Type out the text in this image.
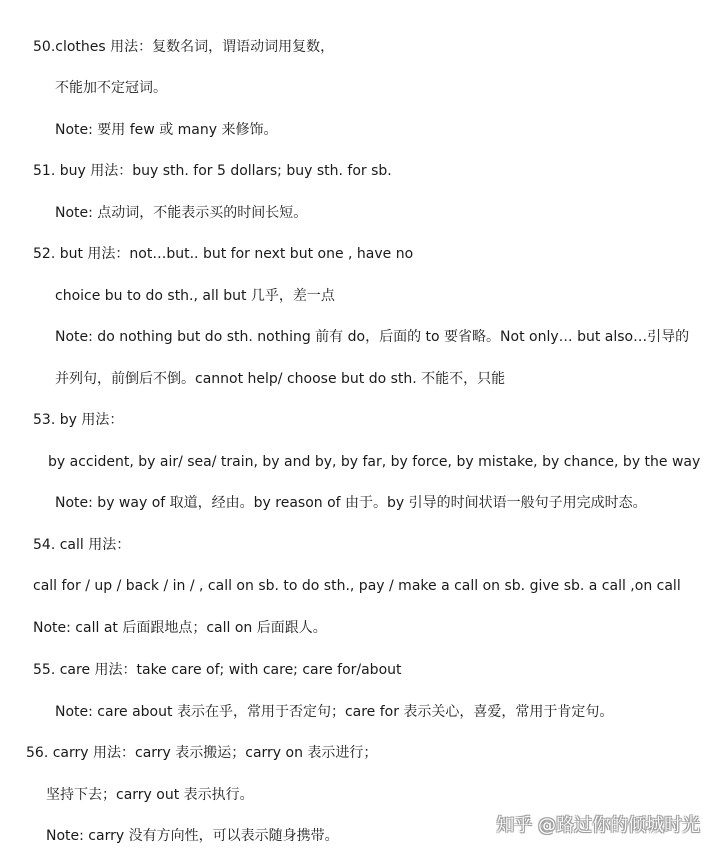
50.clothes 用法：复数名词，谓语动词用复数，
不能加不定冠词。
Note: 要用 few 或 many 来修饰。
51. buy 用法：buy sth. for 5 dollars; buy sth. for sb.
Note: 点动词，不能表示买的时间长短。
52. but 用法：not…but.. but for next but one , have no
choice bu to do sth., all but 几乎，差一点
Note: do nothing but do sth. nothing 前有 do，后面的 to 要省略。Not only… but also…引导的
并列句，前倒后不倒。cannot help/ choose but do sth. 不能不，只能
53. by 用法：
by accident, by air/ sea/ train, by and by, by far, by force, by mistake, by chance, by the way
Note: by way of 取道，经由。by reason of 由于。by 引导的时间状语一般句子用完成时态。
54. call 用法：
call for / up / back / in / , call on sb. to do sth., pay / make a call on sb. give sb. a call ,on call
Note: call at 后面跟地点；call on 后面跟人。
55. care 用法：take care of; with care; care for/about
Note: care about 表示在乎，常用于否定句；care for 表示关心，喜爱，常用于肯定句。
56. carry 用法：carry 表示搬运；carry on 表示进行；
坚持下去；carry out 表示执行。
Note: carry 没有方向性，可以表示随身携带。	知乎 @路过你的倾城时光
